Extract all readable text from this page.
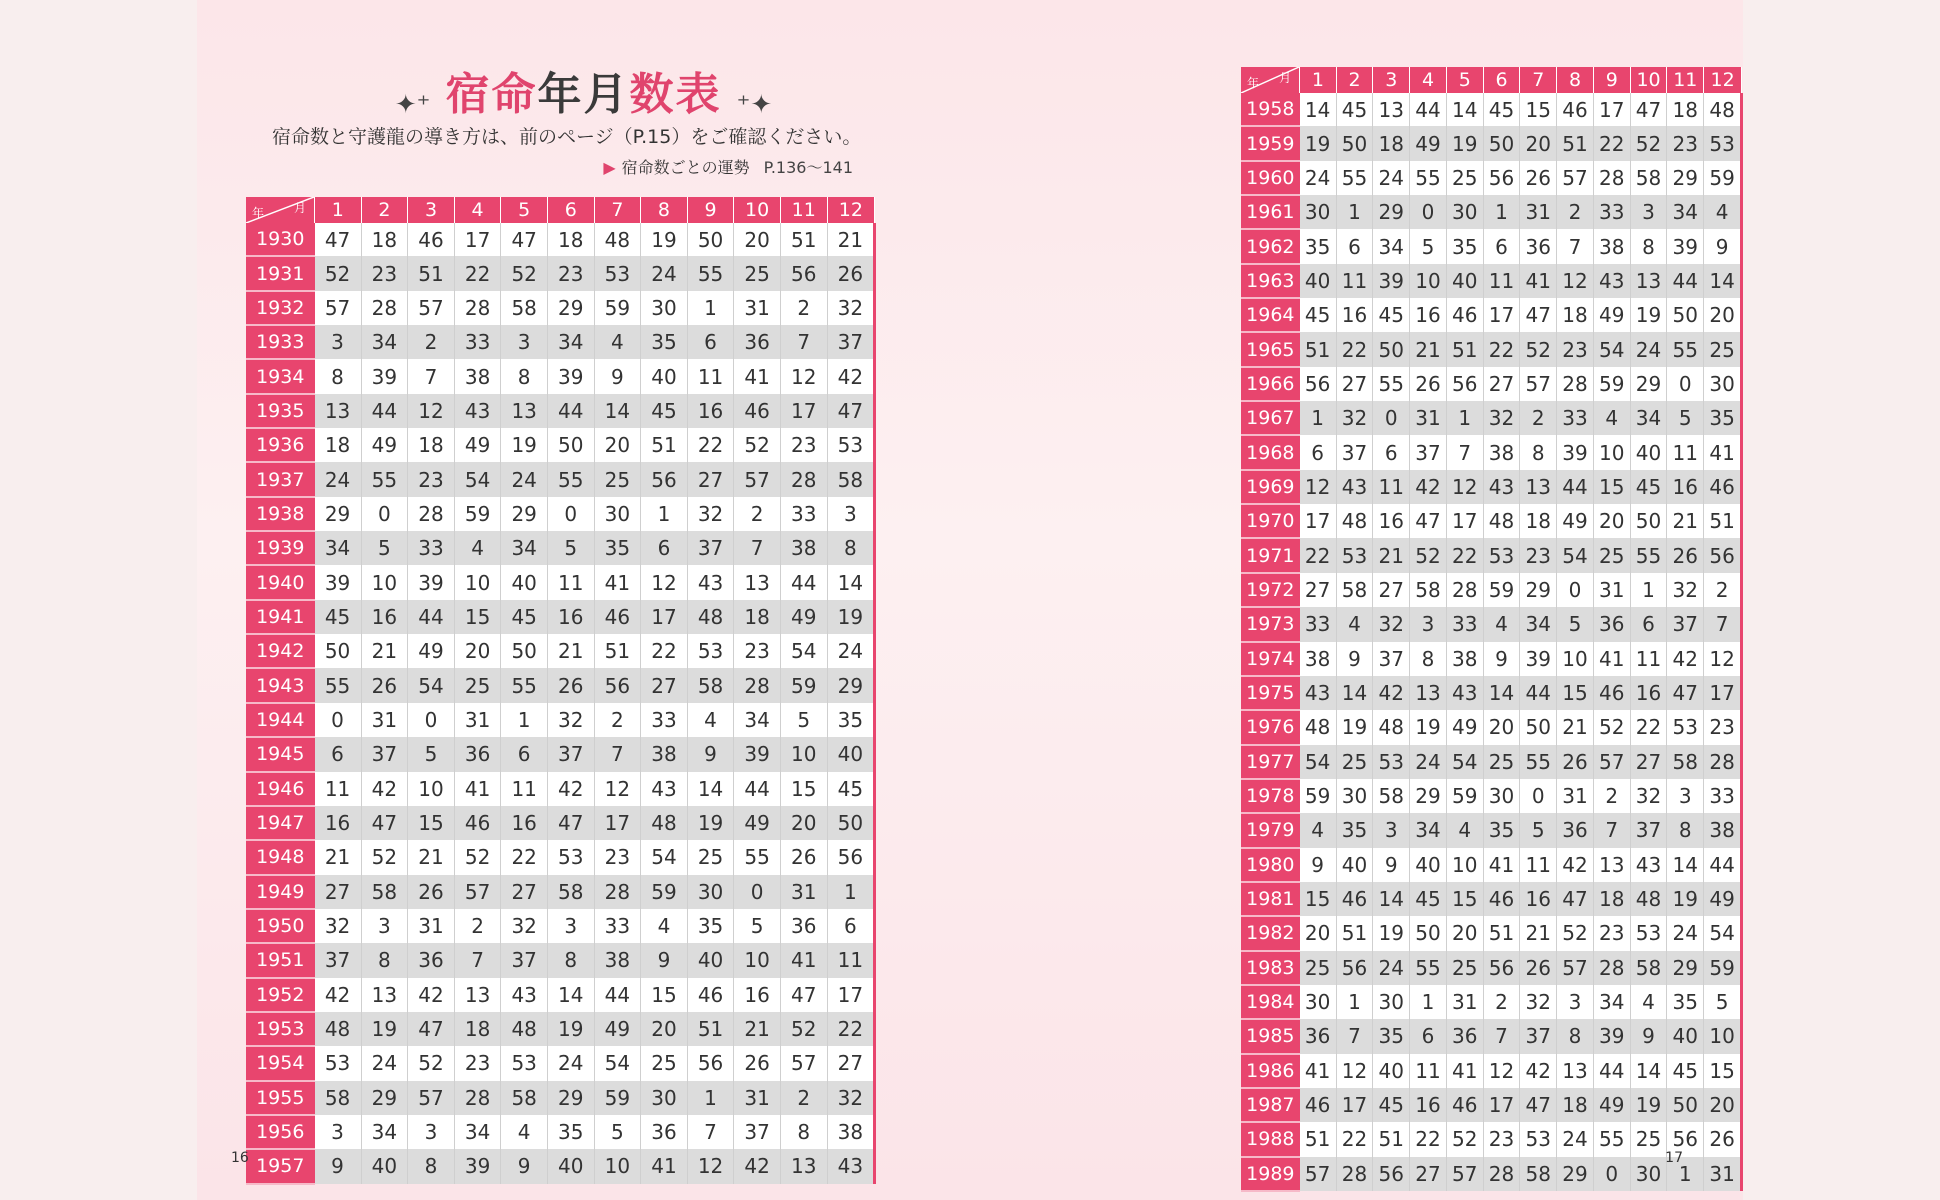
✦⁺ 宿命年月数表 ⁺✦
宿命数と守護龍の導き方は、前のページ（P.15）をご確認ください。
▶ 宿命数ごとの運勢 P.136〜141
年 月	1	2	3	4	5	6	7	8	9	10	11	12
1930	47	18	46	17	47	18	48	19	50	20	51	21
1931	52	23	51	22	52	23	53	24	55	25	56	26
1932	57	28	57	28	58	29	59	30	1	31	2	32
1933	3	34	2	33	3	34	4	35	6	36	7	37
1934	8	39	7	38	8	39	9	40	11	41	12	42
1935	13	44	12	43	13	44	14	45	16	46	17	47
1936	18	49	18	49	19	50	20	51	22	52	23	53
1937	24	55	23	54	24	55	25	56	27	57	28	58
1938	29	0	28	59	29	0	30	1	32	2	33	3
1939	34	5	33	4	34	5	35	6	37	7	38	8
1940	39	10	39	10	40	11	41	12	43	13	44	14
1941	45	16	44	15	45	16	46	17	48	18	49	19
1942	50	21	49	20	50	21	51	22	53	23	54	24
1943	55	26	54	25	55	26	56	27	58	28	59	29
1944	0	31	0	31	1	32	2	33	4	34	5	35
1945	6	37	5	36	6	37	7	38	9	39	10	40
1946	11	42	10	41	11	42	12	43	14	44	15	45
1947	16	47	15	46	16	47	17	48	19	49	20	50
1948	21	52	21	52	22	53	23	54	25	55	26	56
1949	27	58	26	57	27	58	28	59	30	0	31	1
1950	32	3	31	2	32	3	33	4	35	5	36	6
1951	37	8	36	7	37	8	38	9	40	10	41	11
1952	42	13	42	13	43	14	44	15	46	16	47	17
1953	48	19	47	18	48	19	49	20	51	21	52	22
1954	53	24	52	23	53	24	54	25	56	26	57	27
1955	58	29	57	28	58	29	59	30	1	31	2	32
1956	3	34	3	34	4	35	5	36	7	37	8	38
1957	9	40	8	39	9	40	10	41	12	42	13	43
16
年 月	1	2	3	4	5	6	7	8	9	10	11	12
1958	14	45	13	44	14	45	15	46	17	47	18	48
1959	19	50	18	49	19	50	20	51	22	52	23	53
1960	24	55	24	55	25	56	26	57	28	58	29	59
1961	30	1	29	0	30	1	31	2	33	3	34	4
1962	35	6	34	5	35	6	36	7	38	8	39	9
1963	40	11	39	10	40	11	41	12	43	13	44	14
1964	45	16	45	16	46	17	47	18	49	19	50	20
1965	51	22	50	21	51	22	52	23	54	24	55	25
1966	56	27	55	26	56	27	57	28	59	29	0	30
1967	1	32	0	31	1	32	2	33	4	34	5	35
1968	6	37	6	37	7	38	8	39	10	40	11	41
1969	12	43	11	42	12	43	13	44	15	45	16	46
1970	17	48	16	47	17	48	18	49	20	50	21	51
1971	22	53	21	52	22	53	23	54	25	55	26	56
1972	27	58	27	58	28	59	29	0	31	1	32	2
1973	33	4	32	3	33	4	34	5	36	6	37	7
1974	38	9	37	8	38	9	39	10	41	11	42	12
1975	43	14	42	13	43	14	44	15	46	16	47	17
1976	48	19	48	19	49	20	50	21	52	22	53	23
1977	54	25	53	24	54	25	55	26	57	27	58	28
1978	59	30	58	29	59	30	0	31	2	32	3	33
1979	4	35	3	34	4	35	5	36	7	37	8	38
1980	9	40	9	40	10	41	11	42	13	43	14	44
1981	15	46	14	45	15	46	16	47	18	48	19	49
1982	20	51	19	50	20	51	21	52	23	53	24	54
1983	25	56	24	55	25	56	26	57	28	58	29	59
1984	30	1	30	1	31	2	32	3	34	4	35	5
1985	36	7	35	6	36	7	37	8	39	9	40	10
1986	41	12	40	11	41	12	42	13	44	14	45	15
1987	46	17	45	16	46	17	47	18	49	19	50	20
1988	51	22	51	22	52	23	53	24	55	25	56	26
1989	57	28	56	27	57	28	58	29	0	30	1	31
17
